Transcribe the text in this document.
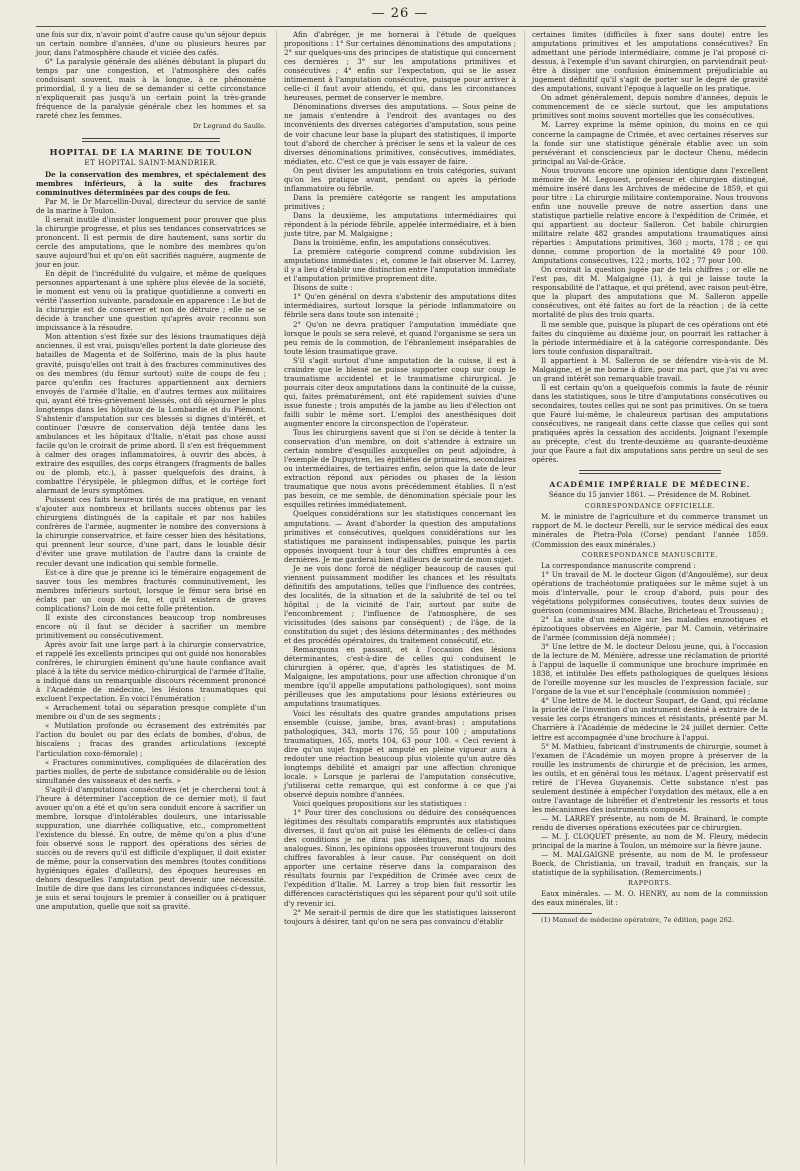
— 26 —

une fois sur dix, n'avoir point d'autre cause qu'un séjour depuis un certain nombre d'années, d'une ou plusieurs heures par jour, dans l'atmosphère chaude et viciée des cafés.

6° La paralysie générale des aliénés débutant la plupart du temps par une congestion, et l'atmosphère des cafés conduisant souvent, mais à la longue, à ce phénomène primordial, il y a lieu de se demander si cette circonstance n'expliquerait pas jusqu'à un certain point la très-grande fréquence de la paralysie générale chez les hommes et sa rareté chez les femmes.

Dr Legrand du Saulle.
HOPITAL DE LA MARINE DE TOULON
ET HOPITAL SAINT-MANDRIER.

De la conservation des membres, et spécialement des membres inférieurs, à la suite des fractures comminutives déterminées par des coups de feu.

Par M. le Dr Marcellin-Duval, directeur du service de santé de la marine à Toulon.

Il serait inutile d'insister longuement pour prouver que plus la chirurgie progresse, et plus ses tendances conservatrices se prononcent. Il est permis de dire hautement, sans sortir du cercle des amputations, que le nombre des membres qu'on sauve aujourd'hui et qu'on eût sacrifiés naguère, augmente de jour en jour.

En dépit de l'incrédulité du vulgaire, et même de quelques personnes appartenant à une sphère plus élevée de la société, le moment est venu où la pratique quotidienne a converti en vérité l'assertion suivante, paradoxale en apparence : Le but de la chirurgie est de conserver et non de détruire ; elle ne se décide à trancher une question qu'après avoir reconnu son impuissance à la résoudre.

Mon attention s'est fixée sur des lésions traumatiques déjà anciennes, il est vrai, puisqu'elles portent la date glorieuse des batailles de Magenta et de Solférino, mais de la plus haute gravité, puisqu'elles ont trait à des fractures comminutives des os des membres (du fémur surtout) suite de coups de feu ; parce qu'enfin ces fractures appartiennent aux derniers envoyés de l'armée d'Italie, en d'autres termes aux militaires qui, ayant été très-grièvement blessés, ont dû séjourner le plus longtemps dans les hôpitaux de la Lombardie et du Piémont. S'abstenir d'amputation sur ces blessés si dignes d'intérêt, et continuer l'œuvre de conservation déjà tentée dans les ambulances et les hôpitaux d'Italie, n'était pas chose aussi facile qu'on le croirait de prime abord. Il s'en est fréquemment à calmer des orages inflammatoires, à ouvrir des abcès, à extraire des esquilles, des corps étrangers (fragments de balles ou de plomb, etc.), à passer quelquefois des drains, à combattre l'érysipèle, le phlegmon diffus, et le cortége fort alarmant de leurs symptômes.

Puissent ces faits heureux tirés de ma pratique, en venant s'ajouter aux nombreux et brillants succès obtenus par les chirurgiens distingués de la capitale et par nos habiles confrères de l'armée, augmenter le nombre des conversions à la chirurgie conservatrice, et faire cesser bien des hésitations, qui prennent leur source, d'une part, dans le louable désir d'éviter une grave mutilation de l'autre dans la crainte de reculer devant une indication qui semble formelle.

Est-ce à dire que je prenne ici le téméraire engagement de sauver tous les membres fracturés comminutivement, les membres inférieurs surtout, lorsque le fémur sera brisé en éclats par un coup de feu, et qu'il existera de graves complications? Loin de moi cette folle prétention.

Il existe des circonstances beaucoup trop nombreuses encore où il faut se décider à sacrifier un membre primitivement ou consécutivement.

Après avoir fait une large part à la chirurgie conservatrice, et rappelé les excellents principes qui ont guidé nos honorables confrères, le chirurgien éminent qu'une haute confiance avait placé à la tête du service médico-chirurgical de l'armée d'Italie, a indiqué dans un remarquable discours récemment prononcé à l'Académie de médecine, les lésions traumatiques qui excluent l'expectation. En voici l'énumération :

« Arrachement total ou séparation presque complète d'un membre ou d'un de ses segments ;

« Mutilation profonde ou écrasement des extrémités par l'action du boulet ou par des éclats de bombes, d'obus, de biscaïens ; fracas des grandes articulations (excepté l'articulation coxo-fémorale) ;

« Fractures comminutives, compliquées de dilacération des parties molles, de perte de substance considérable ou de lésion simultanée des vaisseaux et des nerfs. »

S'agit-il d'amputations consécutives (et je chercherai tout à l'heure à déterminer l'acception de ce dernier mot), il faut avouer qu'on a été et qu'on sera conduit encore à sacrifier un membre, lorsque d'intolérables douleurs, une intarissable suppuration, une diarrhée colliquative, etc., compromettent l'existence du blessé. En outre, de même qu'on a plus d'une fois observé sous le rapport des opérations des séries de succès ou de revers qu'il est difficile d'expliquer, il doit exister de même, pour la conservation des membres (toutes conditions hygiéniques égales d'ailleurs), des époques heureuses en dehors desquelles l'amputation peut devenir une nécessité. Inutile de dire que dans les circonstances indiquées ci-dessus, je suis et serai toujours le premier à conseiller ou à pratiquer une amputation, quelle que soit sa gravité.

Afin d'abréger, je me bornerai à l'étude de quelques propositions : 1° Sur certaines dénominations des amputations ; 2° sur quelques-uns des principes de statistique qui concernent ces dernières ; 3° sur les amputations primitives et consécutives ; 4° enfin sur l'expectation, qui se lie assez intimement à l'amputation consécutive, puisque pour arriver à celle-ci il faut avoir attendu, et qui, dans les circonstances heureuses, permet de conserver le membre.

Dénominations diverses des amputations. — Sous peine de ne jamais s'entendre à l'endroit des avantages ou des inconvénients des diverses catégories d'amputation, sous peine de voir chacune leur base la plupart des statistiques, il importe tout d'abord de chercher à préciser le sens et la valeur de ces diverses dénominations primitives, consécutives, immédiates, médiates, etc. C'est ce que je vais essayer de faire.

On peut diviser les amputations en trois catégories, suivant qu'on les pratique avant, pendant ou après la période inflammatoire ou fébrile.

Dans la première catégorie se rangent les amputations primitives ;

Dans la deuxième, les amputations intermédiaires qui répondent à la période fébrile, appelée intermédiaire, et à bien juste titre, par M. Malgaigne ;

Dans la troisième, enfin, les amputations consécutives.

La première catégorie comprend comme subdivision les amputations immédiates ; et, comme le fait observer M. Larrey, il y a lieu d'établir une distinction entre l'amputation immédiate et l'amputation primitive proprement dite.

Disons de suite :

1° Qu'en général on devra s'abstenir des amputations dites intermédiaires, surtout lorsque la période inflammatoire ou fébrile sera dans toute son intensité ;

2° Qu'on ne devra pratiquer l'amputation immédiate que lorsque le pouls se sera relevé, et quand l'organisme se sera un peu remis de la commotion, de l'ébranlement inséparables de toute lésion traumatique grave.

S'il s'agit surtout d'une amputation de la cuisse, il est à craindre que le blessé ne puisse supporter coup sur coup le traumatisme accidentel et le traumatisme chirurgical. Je pourrais citer deux amputations dans la continuité de la cuisse, qui, faites prématurément, ont été rapidement suivies d'une issue funeste ; trois amputés de la jambe au lieu d'élection ont failli subir le même sort. L'emploi des anesthésiques doit augmenter encore la circonspection de l'opérateur.

Tous les chirurgiens savent que si l'on se décide à tenter la conservation d'un membre, on doit s'attendre à extraire un certain nombre d'esquilles auxquelles on peut adjoindre, à l'exemple de Dupuytren, les épithètes de primaires, secondaires ou intermédiaires, de tertiaires enfin, selon que la date de leur extraction répond aux périodes ou phases de la lésion traumatique que nous avons précédemment établies. Il n'est pas besoin, ce me semble, de dénomination spéciale pour les esquilles retirées immédiatement.

Quelques considérations sur les statistiques concernant les amputations. — Avant d'aborder la question des amputations primitives et consécutives, quelques considérations sur les statistiques me paraissent indispensables, puisque les partis opposés invoquent tour à tour des chiffres empruntés à ces dernières. Je me garderai bien d'ailleurs de sortir de mon sujet.

Je ne vois donc forcé de négliger beaucoup de causes qui viennent puissamment modifier les chances et les résultats définitifs des amputations, telles que l'influence des contrées, des localités, de la situation et de la salubrité de tel ou tel hôpital ; de la vicinité de l'air, surtout par suite de l'encombrement ; l'influence de l'atmosphère, de ses vicissitudes (des saisons par conséquent) ; de l'âge, de la constitution du sujet ; des lésions déterminantes ; des méthodes et des procédés opératoires, du traitement consécutif, etc.

Remarquons en passant, et à l'occasion des lésions déterminantes, c'est-à-dire de celles qui conduisent le chirurgien à opérer, que, d'après les statistiques de M. Malgaigne, les amputations, pour une affection chronique d'un membre (qu'il appelle amputations pathologiques), sont moins périlleuses que les amputations pour lésions extérieures ou amputations traumatiques.

Voici les résultats des quatre grandes amputations prises ensemble (cuisse, jambe, bras, avant-bras) : amputations pathologiques, 343, morts 176, 55 pour 100 ; amputations traumatiques, 165, morts 104, 63 pour 100. « Ceci revient à dire qu'un sujet frappé et amputé en pleine vigueur aura à redouter une réaction beaucoup plus violente qu'un autre dès longtemps débilité et amaigri par une affection chronique locale. » Lorsque je parlerai de l'amputation consécutive, j'utiliserai cette remarque, qui est conforme à ce que j'ai observé depuis nombre d'années.

Voici quelques propositions sur les statistiques :

1° Pour tirer des conclusions ou déduire des conséquences légitimes des résultats comparatifs empruntés aux statistiques diverses, il faut qu'on ait puisé les éléments de celles-ci dans des conditions je ne dirai pas identiques, mais du moins analogues. Sinon, les opinions opposées trouveront toujours des chiffres favorables à leur cause. Par conséquent on doit apporter une certaine réserve dans la comparaison des résultats fournis par l'expédition de Crimée avec ceux de l'expédition d'Italie. M. Larrey a trop bien fait ressortir les différences caractéristiques qui les séparent pour qu'il soit utile d'y revenir ici.

2° Me serait-il permis de dire que les statistiques laisseront toujours à désirer, tant qu'on ne sera pas convaincu d'établir

certaines limites (difficiles à fixer sans doute) entre les amputations primitives et les amputations consécutives? En admettant une période intermédiaire, comme je l'ai proposé ci-dessus, à l'exemple d'un savant chirurgien, on parviendrait peut-être à dissiper une confusion éminemment préjudiciable au jugement définitif qu'il s'agit de porter sur le degré de gravité des amputations, suivant l'époque à laquelle on les pratique.

On admet généralement, depuis nombre d'années, depuis le commencement de ce siècle surtout, que les amputations primitives sont moins souvent mortelles que les consécutives.

M. Larrey exprime la même opinion, du moins en ce qui concerne la campagne de Crimée, et avec certaines réserves sur la fonde sur une statistique générale établie avec un soin persévérant et consciencieux par le docteur Chenu, médecin principal au Val-de-Grâce.

Nous trouvons encore une opinion identique dans l'excellent mémoire de M. Legouest, professeur et chirurgien distingué, mémoire inséré dans les Archives de médecine de 1859, et qui pour titre : La chirurgie militaire contemporaine. Nous trouvons enfin une nouvelle preuve de notre assertion dans une statistique partielle relative encore à l'expédition de Crimée, et qui appartient au docteur Salleron. Cet habile chirurgien militaire relate 482 grandes amputations traumatiques ainsi réparties : Amputations primitives, 360 ; morts, 178 ; ce qui donne, comme proportion de la mortalité 49 pour 100. Amputations consécutives, 122 ; morts, 102 ; 77 pour 100.

On croirait la question jugée par de tels chiffres ; or elle ne l'est pas, dit M. Malgaigne (1), à qui je laisse toute la responsabilité de l'attaque, et qui prétend, avec raison peut-être, que la plupart des amputations que M. Salleron appelle consécutives, ont été faites au fort de la réaction ; de là cette mortalité de plus des trois quarts.

Il me semble que, puisque la plupart de ces opérations ont été faites du cinquième au dixième jour, on pourrait les rattacher à la période intermédiaire et à la catégorie correspondante. Dès lors toute confusion disparaîtrait.

Il appartient à M. Salleron de se défendre vis-à-vis de M. Malgaigne, et je me borne à dire, pour ma part, que j'ai vu avec un grand intérêt son remarquable travail.

Il est certain qu'on a quelquefois commis la faute de réunir dans les statistiques, sous le titre d'amputations consécutives ou secondaires, toutes celles qui ne sont pas primitives. On se tuera que Fauré lui-même, le chaleureux partisan des amputations consécutives, ne rangeait dans cette classe que celles qui sont pratiquées après la cessation des accidents. Joignant l'exemple au précepte, c'est du trente-deuxième au quarante-deuxième jour que Faure a fait dix amputations sans perdre un seul de ses opérés.

ACADÉMIE IMPÉRIALE DE MÉDECINE.
Séance du 15 janvier 1861. — Présidence de M. Robinet.
CORRESPONDANCE OFFICIELLE.

M. le ministre de l'agriculture et du commerce transmet un rapport de M. le docteur Perelli, sur le service médical des eaux minérales de Pietra-Pola (Corse) pendant l'année 1859. (Commission des eaux minérales.)

CORRESPONDANCE MANUSCRITE.

La correspondance manuscrite comprend :

1° Un travail de M. le docteur Gigon (d'Angoulême), sur deux opérations de trachéotomie pratiquées sur le même sujet à un mois d'intervalle, pour le croup d'abord, puis pour des végétations polypiformes consécutives, toutes deux suivies de guérison (commissaires MM. Blache, Bricheteau et Trousseau) ;

2° La suite d'un mémoire sur les maladies enzootiques et épizootiques observées en Algérie, par M. Camoin, vétérinaire de l'armée (commission déjà nommée) ;

3° Une lettre de M. le docteur Delosu jeune, qui, à l'occasion de la lecture de M. Ménière, adresse une réclamation de priorité à l'appui de laquelle il communique une brochure imprimée en 1838, et intitulée Des effets pathologiques de quelques lésions de l'oreille moyenne sur les muscles de l'expression faciale, sur l'organe de la vue et sur l'encéphale (commission nommée) ;

4° Une lettre de M. le docteur Soupart, de Gand, qui réclame la priorité de l'invention d'un instrument destiné à extraire de la vessie les corps étrangers minces et résistants, présenté par M. Charrière à l'Académie de médecine le 24 juillet dernier. Cette lettre est accompagnée d'une brochure à l'appui.

5° M. Mathieu, fabricant d'instruments de chirurgie, soumet à l'examen de l'Académie un moyen propre à préserver de la rouille les instruments de chirurgie et de précision, les armes, les outils, et en général tous les métaux. L'agent préservatif est retiré de l'Hevea Guyanensis. Cette substance n'est pas seulement destinée à empêcher l'oxydation des métaux, elle a en outre l'avantage de lubréfier et d'entretenir les ressorts et tous les mécanismes des instruments composés.

— M. LARREY présente, au nom de M. Brainard, le compte rendu de diverses opérations exécutées par ce chirurgien.

— M. J. CLOQUET présente, au nom de M. Fleury, médecin principal de la marine à Toulon, un mémoire sur la fièvre jaune.

— M. MALGAIGNE présente, au nom de M. le professeur Boeck, de Christiania, un travail, traduit en français, sur la statistique de la syphilisation. (Remerciments.)

RAPPORTS.

Eaux minérales. — M. O. HENRY, au nom de la commission des eaux minérales, lit :

(1) Manuel de médecine opératoire, 7e édition, page 262.
